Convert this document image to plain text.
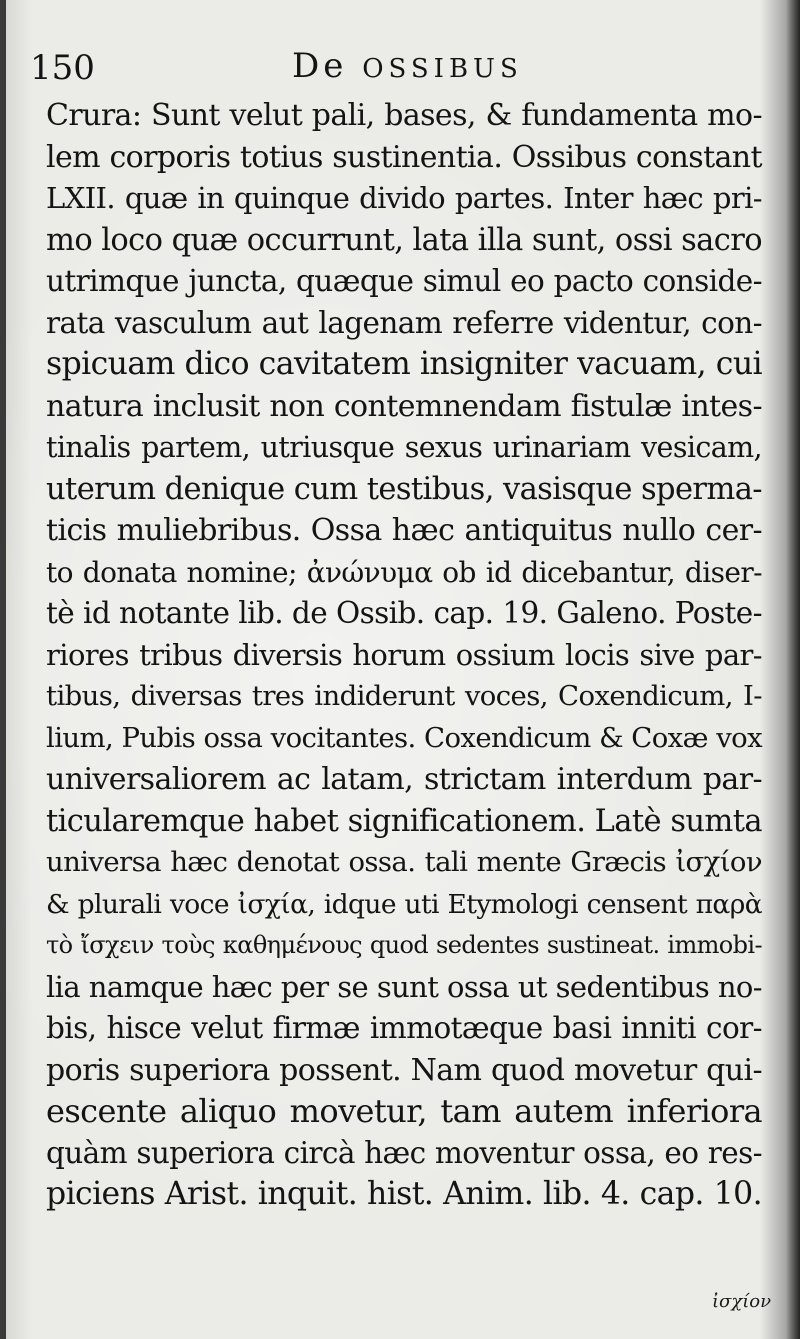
150	De OSSIBUS
Crura: Sunt velut pali, bases, & fundamenta mo-
lem corporis totius sustinentia. Ossibus constant
LXII. quæ in quinque divido partes. Inter hæc pri-
mo loco quæ occurrunt, lata illa sunt, ossi sacro
utrimque juncta, quæque simul eo pacto conside-
rata vasculum aut lagenam referre videntur, con-
spicuam dico cavitatem insigniter vacuam, cui
natura inclusit non contemnendam fistulæ intes-
tinalis partem, utriusque sexus urinariam vesicam,
uterum denique cum testibus, vasisque sperma-
ticis muliebribus. Ossa hæc antiquitus nullo cer-
to donata nomine; ἀνώνυμα ob id dicebantur, diser-
tè id notante lib. de Ossib. cap. 19. Galeno. Poste-
riores tribus diversis horum ossium locis sive par-
tibus, diversas tres indiderunt voces, Coxendicum, I-
lium, Pubis ossa vocitantes. Coxendicum & Coxæ vox
universaliorem ac latam, strictam interdum par-
ticularemque habet significationem. Latè sumta
universa hæc denotat ossa. tali mente Græcis ἰσχίον
& plurali voce ἰσχία, idque uti Etymologi censent παρὰ
τὸ ἴσχειν τοὺς καθημένους quod sedentes sustineat. immobi-
lia namque hæc per se sunt ossa ut sedentibus no-
bis, hisce velut firmæ immotæque basi inniti cor-
poris superiora possent. Nam quod movetur qui-
escente aliquo movetur, tam autem inferiora
quàm superiora circà hæc moventur ossa, eo res-
piciens Arist. inquit. hist. Anim. lib. 4. cap. 10.
ἰσχίον
